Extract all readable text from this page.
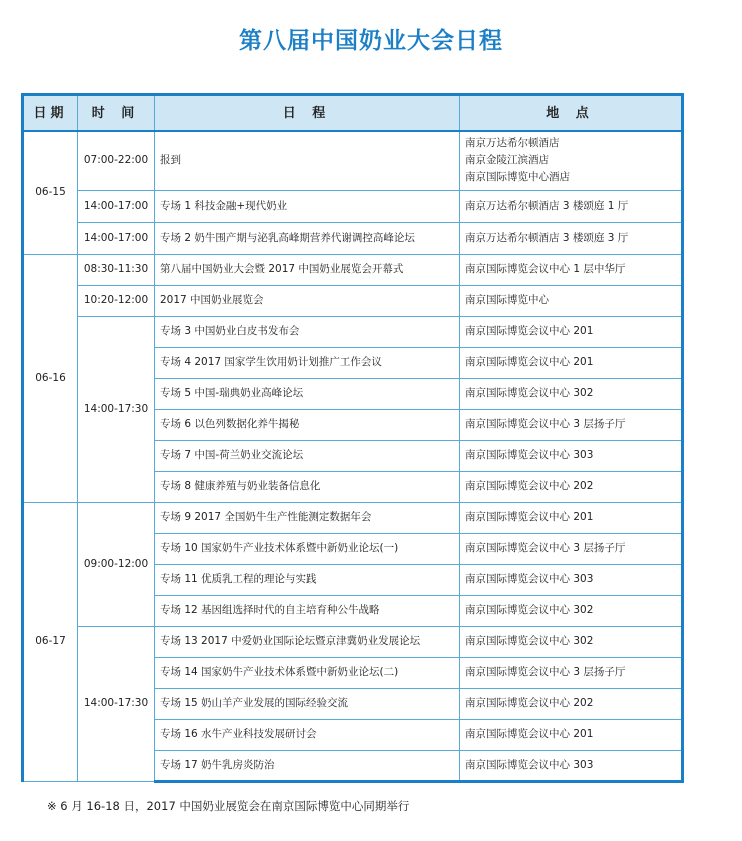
第八届中国奶业大会日程
日期	时 间	日 程	地 点
06-15	07:00-22:00	报到	南京万达希尔顿酒店
南京金陵江滨酒店
南京国际博览中心酒店

	14:00-17:00	专场 1 科技金融+现代奶业	南京万达希尔顿酒店 3 楼颂庭 1 厅
	14:00-17:00	专场 2 奶牛围产期与泌乳高峰期营养代谢调控高峰论坛	南京万达希尔顿酒店 3 楼颂庭 3 厅
06-16	08:30-11:30	第八届中国奶业大会暨 2017 中国奶业展览会开幕式	南京国际博览会议中心 1 层中华厅
	10:20-12:00	2017 中国奶业展览会	南京国际博览中心
	14:00-17:30	专场 3 中国奶业白皮书发布会	南京国际博览会议中心 201
		专场 4 2017 国家学生饮用奶计划推广工作会议	南京国际博览会议中心 201
		专场 5 中国-瑞典奶业高峰论坛	南京国际博览会议中心 302
		专场 6 以色列数据化养牛揭秘	南京国际博览会议中心 3 层扬子厅
		专场 7 中国-荷兰奶业交流论坛	南京国际博览会议中心 303
		专场 8 健康养殖与奶业装备信息化	南京国际博览会议中心 202
06-17	09:00-12:00	专场 9 2017 全国奶牛生产性能测定数据年会	南京国际博览会议中心 201
		专场 10 国家奶牛产业技术体系暨中新奶业论坛(一)	南京国际博览会议中心 3 层扬子厅
		专场 11 优质乳工程的理论与实践	南京国际博览会议中心 303
		专场 12 基因组选择时代的自主培育种公牛战略	南京国际博览会议中心 302
	14:00-17:30	专场 13 2017 中爱奶业国际论坛暨京津冀奶业发展论坛	南京国际博览会议中心 302
		专场 14 国家奶牛产业技术体系暨中新奶业论坛(二)	南京国际博览会议中心 3 层扬子厅
		专场 15 奶山羊产业发展的国际经验交流	南京国际博览会议中心 202
		专场 16 水牛产业科技发展研讨会	南京国际博览会议中心 201
		专场 17 奶牛乳房炎防治	南京国际博览会议中心 303
※ 6 月 16-18 日，2017 中国奶业展览会在南京国际博览中心同期举行
